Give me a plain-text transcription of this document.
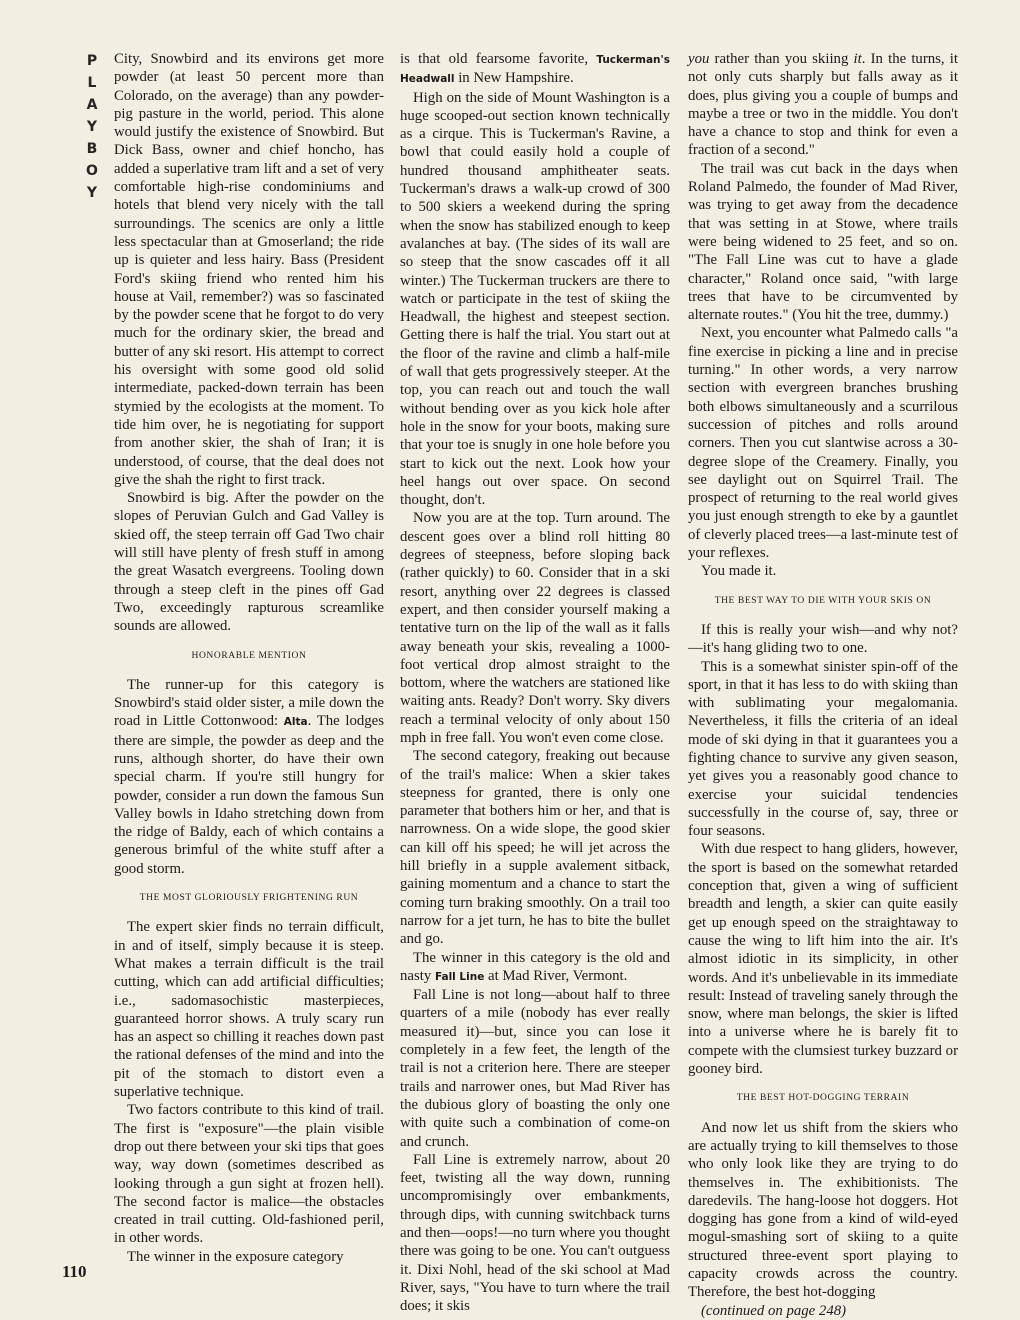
P
L
A
Y
B
O
Y
110

City, Snowbird and its environs get more powder (at least 50 percent more than Colorado, on the average) than any powder-pig pasture in the world, period. This alone would justify the existence of Snowbird. But Dick Bass, owner and chief honcho, has added a superlative tram lift and a set of very comfortable high-rise condominiums and hotels that blend very nicely with the tall surroundings. The scenics are only a little less spectacular than at Gmoserland; the ride up is quieter and less hairy. Bass (President Ford's skiing friend who rented him his house at Vail, remember?) was so fascinated by the powder scene that he forgot to do very much for the ordinary skier, the bread and butter of any ski resort. His attempt to correct his oversight with some good old solid intermediate, packed-down terrain has been stymied by the ecologists at the moment. To tide him over, he is negotiating for support from another skier, the shah of Iran; it is understood, of course, that the deal does not give the shah the right to first track.

Snowbird is big. After the powder on the slopes of Peruvian Gulch and Gad Valley is skied off, the steep terrain off Gad Two chair will still have plenty of fresh stuff in among the great Wasatch evergreens. Tooling down through a steep cleft in the pines off Gad Two, exceedingly rapturous screamlike sounds are allowed.

HONORABLE MENTION

The runner-up for this category is Snowbird's staid older sister, a mile down the road in Little Cottonwood: Alta. The lodges there are simple, the powder as deep and the runs, although shorter, do have their own special charm. If you're still hungry for powder, consider a run down the famous Sun Valley bowls in Idaho stretching down from the ridge of Baldy, each of which contains a generous brimful of the white stuff after a good storm.

THE MOST GLORIOUSLY FRIGHTENING RUN

The expert skier finds no terrain difficult, in and of itself, simply because it is steep. What makes a terrain difficult is the trail cutting, which can add artificial difficulties; i.e., sadomasochistic masterpieces, guaranteed horror shows. A truly scary run has an aspect so chilling it reaches down past the rational defenses of the mind and into the pit of the stomach to distort even a superlative technique.

Two factors contribute to this kind of trail. The first is "exposure"—the plain visible drop out there between your ski tips that goes way, way down (sometimes described as looking through a gun sight at frozen hell). The second factor is malice—the obstacles created in trail cutting. Old-fashioned peril, in other words.

The winner in the exposure category

is that old fearsome favorite, Tuckerman's Headwall in New Hampshire.

High on the side of Mount Washington is a huge scooped-out section known technically as a cirque. This is Tuckerman's Ravine, a bowl that could easily hold a couple of hundred thousand amphitheater seats. Tuckerman's draws a walk-up crowd of 300 to 500 skiers a weekend during the spring when the snow has stabilized enough to keep avalanches at bay. (The sides of its wall are so steep that the snow cascades off it all winter.) The Tuckerman truckers are there to watch or participate in the test of skiing the Headwall, the highest and steepest section. Getting there is half the trial. You start out at the floor of the ravine and climb a half-mile of wall that gets progressively steeper. At the top, you can reach out and touch the wall without bending over as you kick hole after hole in the snow for your boots, making sure that your toe is snugly in one hole before you start to kick out the next. Look how your heel hangs out over space. On second thought, don't.

Now you are at the top. Turn around. The descent goes over a blind roll hitting 80 degrees of steepness, before sloping back (rather quickly) to 60. Consider that in a ski resort, anything over 22 degrees is classed expert, and then consider yourself making a tentative turn on the lip of the wall as it falls away beneath your skis, revealing a 1000-foot vertical drop almost straight to the bottom, where the watchers are stationed like waiting ants. Ready? Don't worry. Sky divers reach a terminal velocity of only about 150 mph in free fall. You won't even come close.

The second category, freaking out because of the trail's malice: When a skier takes steepness for granted, there is only one parameter that bothers him or her, and that is narrowness. On a wide slope, the good skier can kill off his speed; he will jet across the hill briefly in a supple avalement sitback, gaining momentum and a chance to start the coming turn braking smoothly. On a trail too narrow for a jet turn, he has to bite the bullet and go.

The winner in this category is the old and nasty Fall Line at Mad River, Vermont.

Fall Line is not long—about half to three quarters of a mile (nobody has ever really measured it)—but, since you can lose it completely in a few feet, the length of the trail is not a criterion here. There are steeper trails and narrower ones, but Mad River has the dubious glory of boasting the only one with quite such a combination of come-on and crunch.

Fall Line is extremely narrow, about 20 feet, twisting all the way down, running uncompromisingly over embankments, through dips, with cunning switchback turns and then—oops!—no turn where you thought there was going to be one. You can't outguess it. Dixi Nohl, head of the ski school at Mad River, says, "You have to turn where the trail does; it skis

you rather than you skiing it. In the turns, it not only cuts sharply but falls away as it does, plus giving you a couple of bumps and maybe a tree or two in the middle. You don't have a chance to stop and think for even a fraction of a second."

The trail was cut back in the days when Roland Palmedo, the founder of Mad River, was trying to get away from the decadence that was setting in at Stowe, where trails were being widened to 25 feet, and so on. "The Fall Line was cut to have a glade character," Roland once said, "with large trees that have to be circumvented by alternate routes." (You hit the tree, dummy.)

Next, you encounter what Palmedo calls "a fine exercise in picking a line and in precise turning." In other words, a very narrow section with evergreen branches brushing both elbows simultaneously and a scurrilous succession of pitches and rolls around corners. Then you cut slantwise across a 30-degree slope of the Creamery. Finally, you see daylight out on Squirrel Trail. The prospect of returning to the real world gives you just enough strength to eke by a gauntlet of cleverly placed trees—a last-minute test of your reflexes.

You made it.

THE BEST WAY TO DIE WITH YOUR SKIS ON

If this is really your wish—and why not?—it's hang gliding two to one.

This is a somewhat sinister spin-off of the sport, in that it has less to do with skiing than with sublimating your megalomania. Nevertheless, it fills the criteria of an ideal mode of ski dying in that it guarantees you a fighting chance to survive any given season, yet gives you a reasonably good chance to exercise your suicidal tendencies successfully in the course of, say, three or four seasons.

With due respect to hang gliders, however, the sport is based on the somewhat retarded conception that, given a wing of sufficient breadth and length, a skier can quite easily get up enough speed on the straightaway to cause the wing to lift him into the air. It's almost idiotic in its simplicity, in other words. And it's unbelievable in its immediate result: Instead of traveling sanely through the snow, where man belongs, the skier is lifted into a universe where he is barely fit to compete with the clumsiest turkey buzzard or gooney bird.

THE BEST HOT-DOGGING TERRAIN

And now let us shift from the skiers who are actually trying to kill themselves to those who only look like they are trying to do themselves in. The exhibitionists. The daredevils. The hang-loose hot doggers. Hot dogging has gone from a kind of wild-eyed mogul-smashing sort of skiing to a quite structured three-event sport playing to capacity crowds across the country. Therefore, the best hot-dogging

(continued on page 248)
